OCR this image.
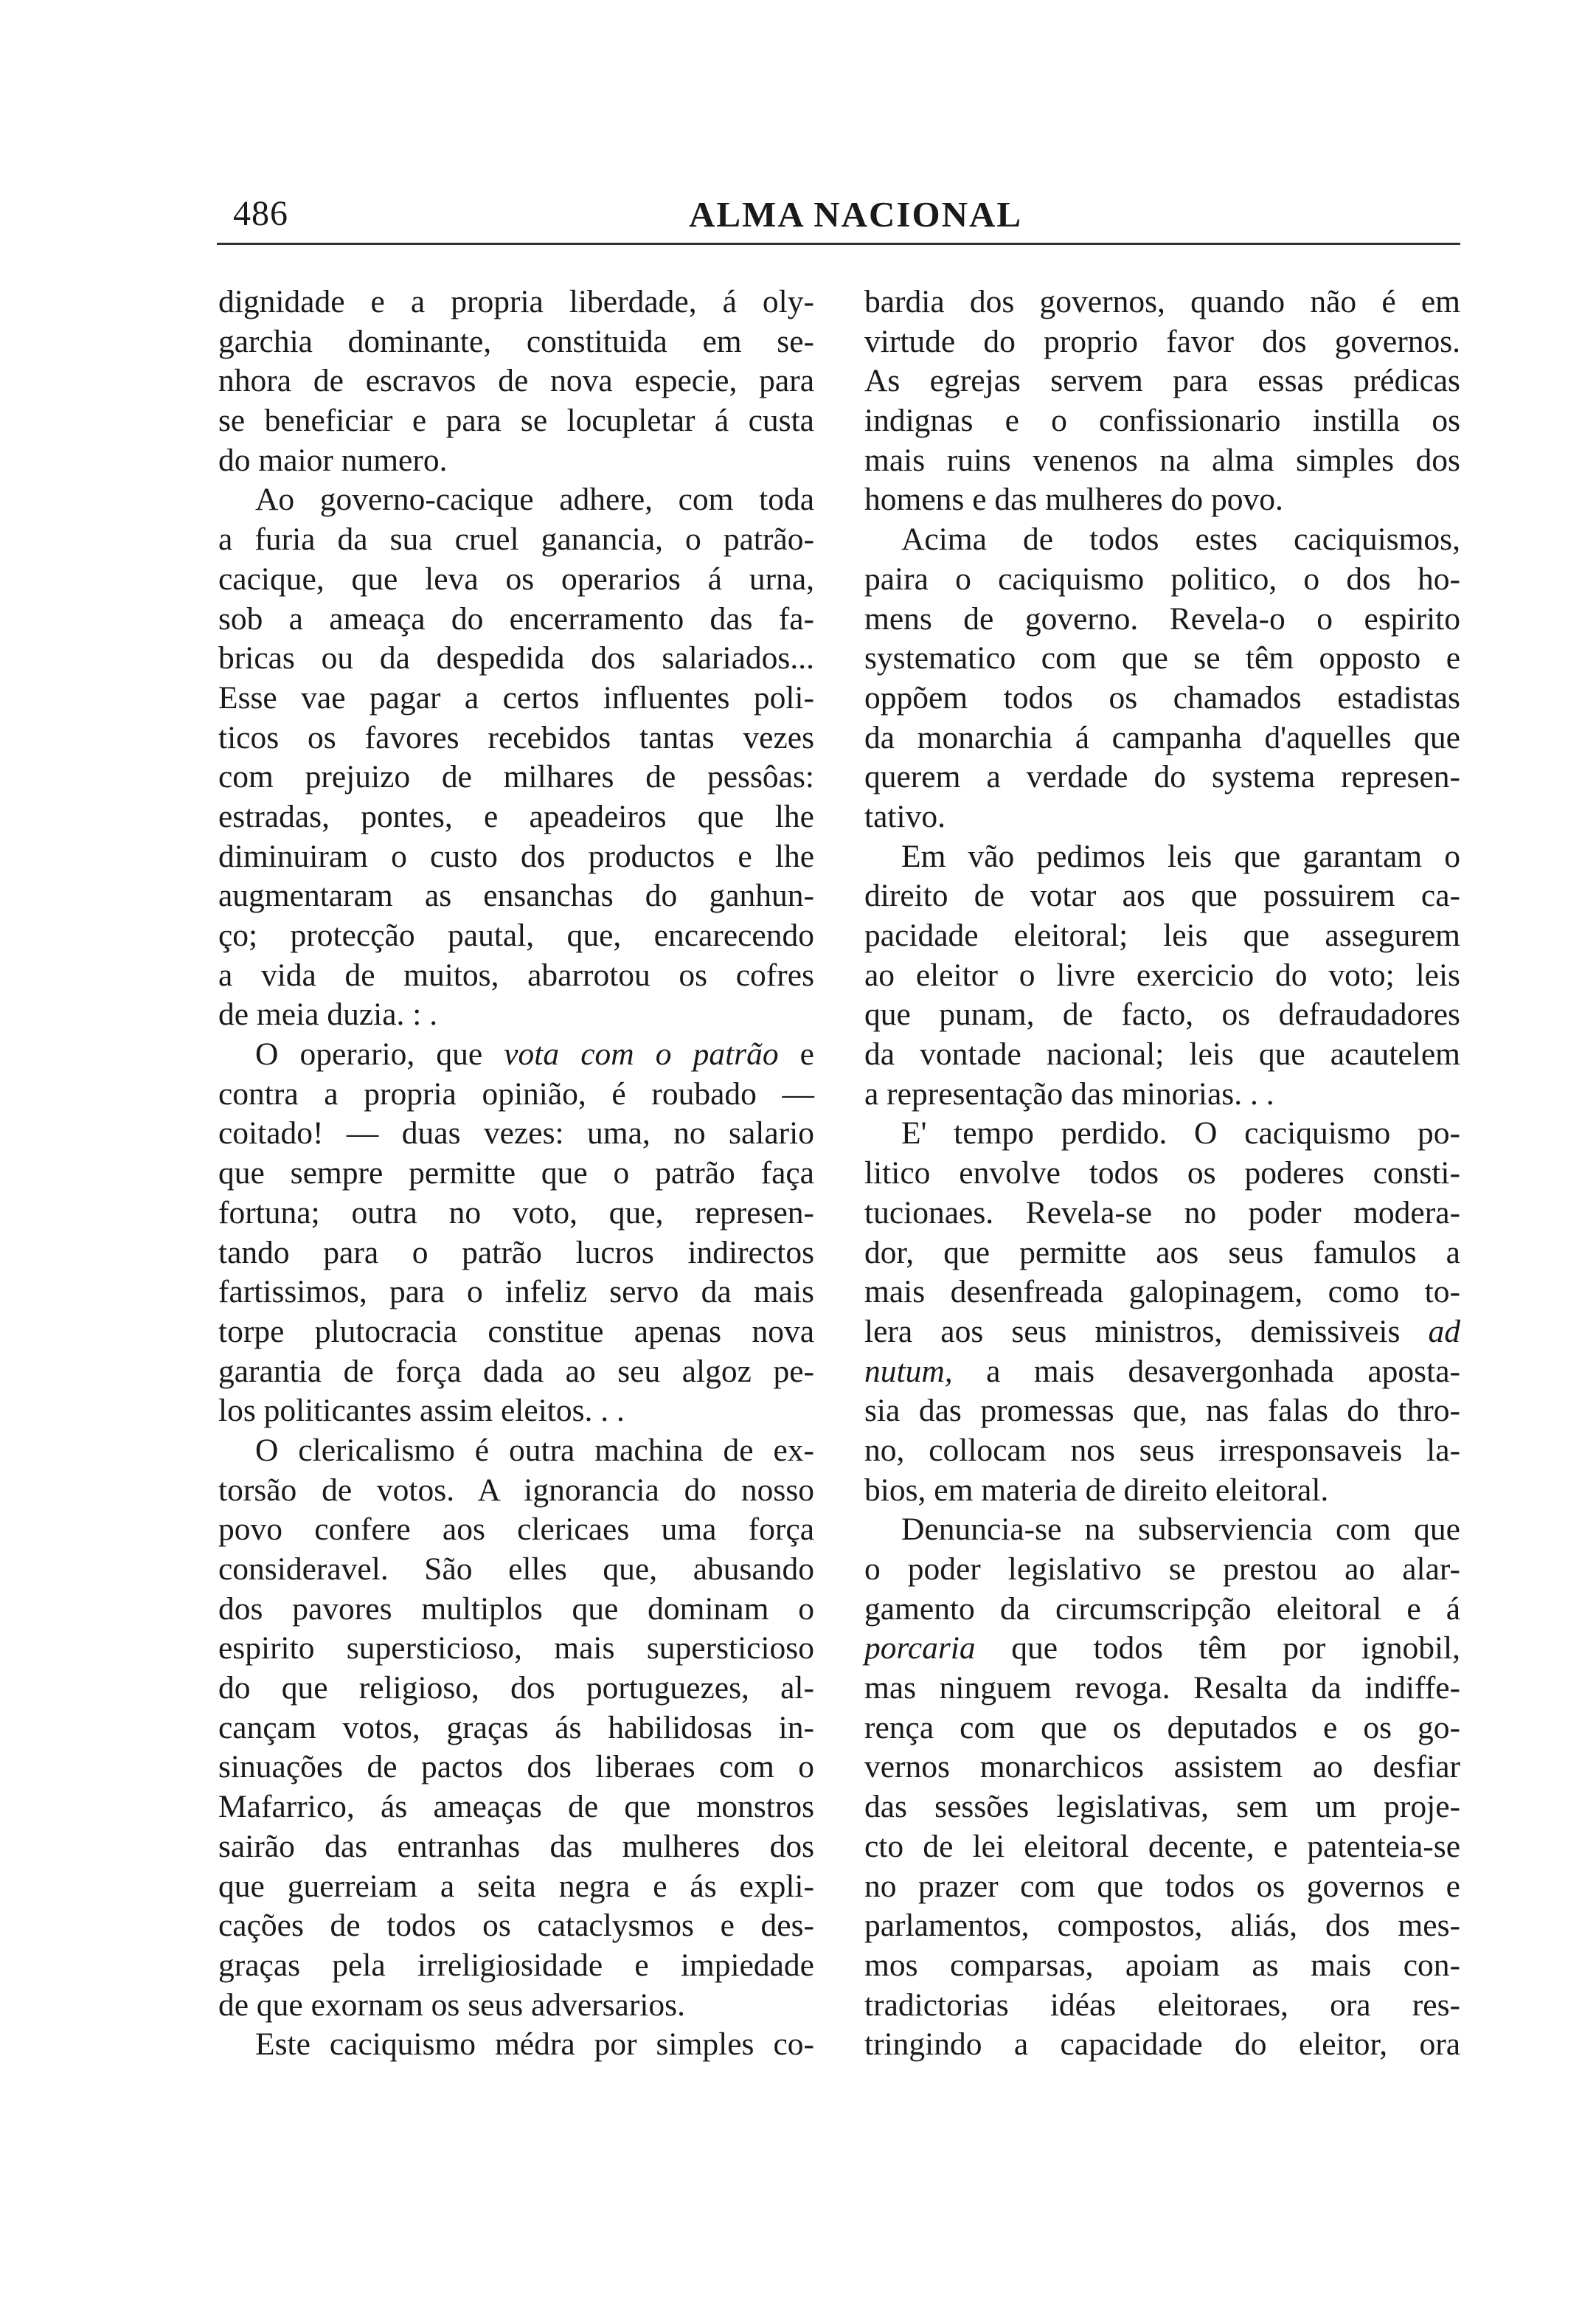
486	ALMA NACIONAL
dignidade e a propria liberdade, á oly-
garchia dominante, constituida em se-
nhora de escravos de nova especie, para
se beneficiar e para se locupletar á custa
do maior numero.
Ao governo-cacique adhere, com toda
a furia da sua cruel ganancia, o patrão-
cacique, que leva os operarios á urna,
sob a ameaça do encerramento das fa-
bricas ou da despedida dos salariados...
Esse vae pagar a certos influentes poli-
ticos os favores recebidos tantas vezes
com prejuizo de milhares de pessôas:
estradas, pontes, e apeadeiros que lhe
diminuiram o custo dos productos e lhe
augmentaram as ensanchas do ganhun-
ço; protecção pautal, que, encarecendo
a vida de muitos, abarrotou os cofres
de meia duzia. : .
O operario, que vota com o patrão e
contra a propria opinião, é roubado —
coitado! — duas vezes: uma, no salario
que sempre permitte que o patrão faça
fortuna; outra no voto, que, represen-
tando para o patrão lucros indirectos
fartissimos, para o infeliz servo da mais
torpe plutocracia constitue apenas nova
garantia de força dada ao seu algoz pe-
los politicantes assim eleitos. . .
O clericalismo é outra machina de ex-
torsão de votos. A ignorancia do nosso
povo confere aos clericaes uma força
consideravel. São elles que, abusando
dos pavores multiplos que dominam o
espirito supersticioso, mais supersticioso
do que religioso, dos portuguezes, al-
cançam votos, graças ás habilidosas in-
sinuações de pactos dos liberaes com o
Mafarrico, ás ameaças de que monstros
sairão das entranhas das mulheres dos
que guerreiam a seita negra e ás expli-
cações de todos os cataclysmos e des-
graças pela irreligiosidade e impiedade
de que exornam os seus adversarios.
Este caciquismo médra por simples co-
bardia dos governos, quando não é em
virtude do proprio favor dos governos.
As egrejas servem para essas prédicas
indignas e o confissionario instilla os
mais ruins venenos na alma simples dos
homens e das mulheres do povo.
Acima de todos estes caciquismos,
paira o caciquismo politico, o dos ho-
mens de governo. Revela-o o espirito
systematico com que se têm opposto e
oppõem todos os chamados estadistas
da monarchia á campanha d'aquelles que
querem a verdade do systema represen-
tativo.
Em vão pedimos leis que garantam o
direito de votar aos que possuirem ca-
pacidade eleitoral; leis que assegurem
ao eleitor o livre exercicio do voto; leis
que punam, de facto, os defraudadores
da vontade nacional; leis que acautelem
a representação das minorias. . .
E' tempo perdido. O caciquismo po-
litico envolve todos os poderes consti-
tucionaes. Revela-se no poder modera-
dor, que permitte aos seus famulos a
mais desenfreada galopinagem, como to-
lera aos seus ministros, demissiveis ad
nutum, a mais desavergonhada aposta-
sia das promessas que, nas falas do thro-
no, collocam nos seus irresponsaveis la-
bios, em materia de direito eleitoral.
Denuncia-se na subserviencia com que
o poder legislativo se prestou ao alar-
gamento da circumscripção eleitoral e á
porcaria que todos têm por ignobil,
mas ninguem revoga. Resalta da indiffe-
rença com que os deputados e os go-
vernos monarchicos assistem ao desfiar
das sessões legislativas, sem um proje-
cto de lei eleitoral decente, e patenteia-se
no prazer com que todos os governos e
parlamentos, compostos, aliás, dos mes-
mos comparsas, apoiam as mais con-
tradictorias idéas eleitoraes, ora res-
tringindo a capacidade do eleitor, ora
